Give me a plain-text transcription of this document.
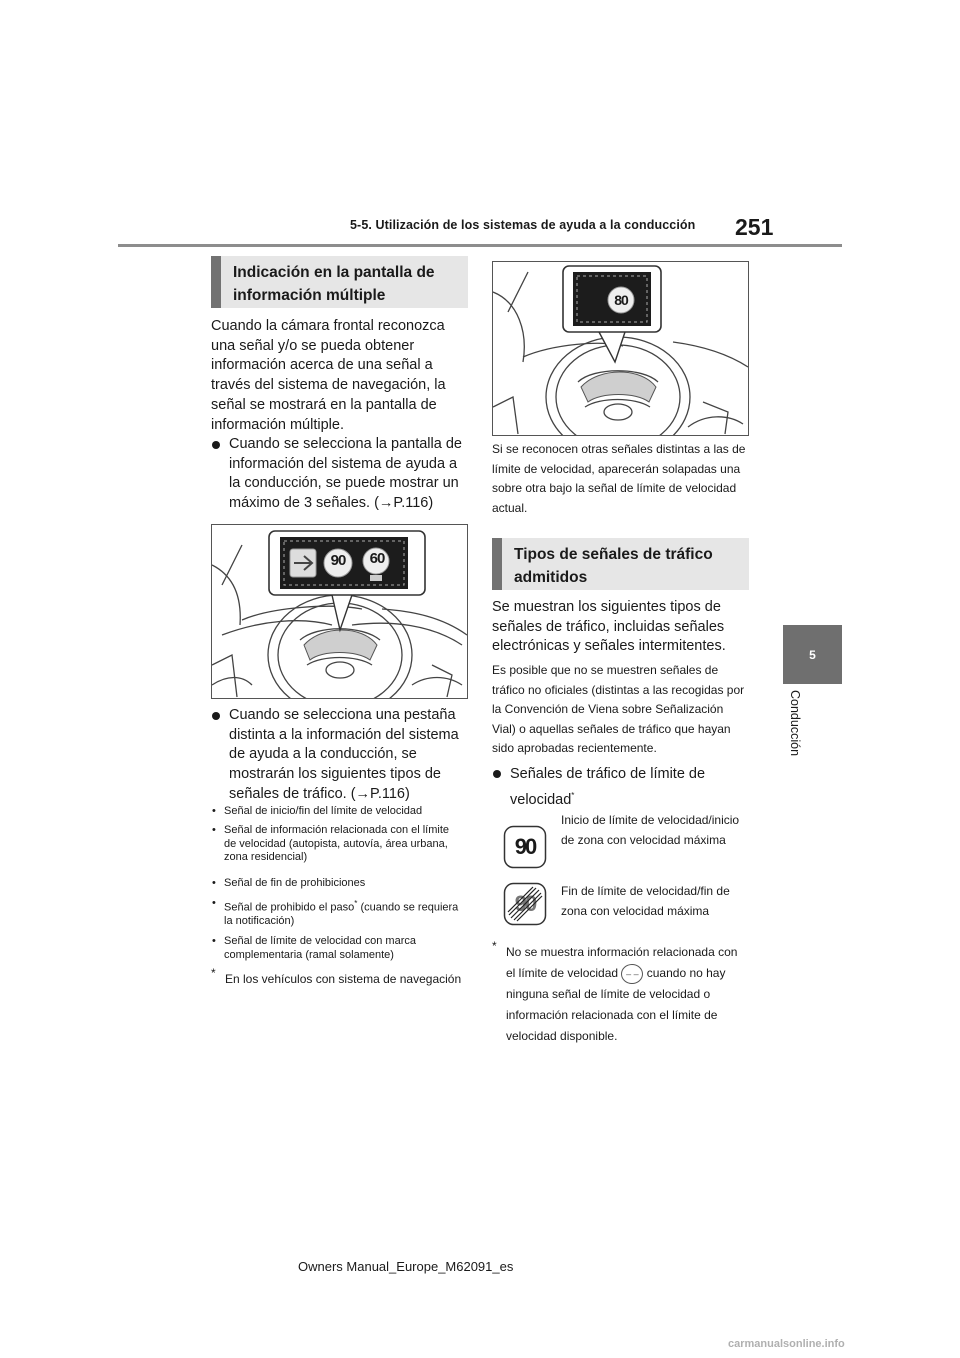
5-5. Utilización de los sistemas de ayuda a la conducción 251
5
Conducción
Indicación en la pantalla de información múltiple
Cuando la cámara frontal reconozca una señal y/o se pueda obtener información acerca de una señal a través del sistema de navegación, la señal se mostrará en la pantalla de información múltiple.
Cuando se selecciona la pantalla de información del sistema de ayuda a la conducción, se puede mostrar un máximo de 3 señales. (→P.116)
90	60
Cuando se selecciona una pestaña distinta a la información del sistema de ayuda a la conducción, se mostrarán los siguientes tipos de señales de tráfico. (→P.116)
• Señal de inicio/fin del límite de velocidad
• Señal de información relacionada con el límite de velocidad (autopista, autovía, área urbana, zona residencial)
• Señal de fin de prohibiciones
• Señal de prohibido el paso* (cuando se requiera la notificación)
• Señal de límite de velocidad con marca complementaria (ramal solamente)
* En los vehículos con sistema de navegación
80
Si se reconocen otras señales distintas a las de límite de velocidad, aparecerán solapadas una sobre otra bajo la señal de límite de velocidad actual.
Tipos de señales de tráfico admitidos
Se muestran los siguientes tipos de señales de tráfico, incluidas señales electrónicas y señales intermitentes.
Es posible que no se muestren señales de tráfico no oficiales (distintas a las recogidas por la Convención de Viena sobre Señalización Vial) o aquellas señales de tráfico que hayan sido aprobadas recientemente.
Señales de tráfico de límite de velocidad*
90
Inicio de límite de velocidad/inicio de zona con velocidad máxima
Fin de límite de velocidad/fin de zona con velocidad máxima
* No se muestra información relacionada con el límite de velocidad – – cuando no hay ninguna señal de límite de velocidad o información relacionada con el límite de velocidad disponible.
Owners Manual_Europe_M62091_es
carmanualsonline.info
